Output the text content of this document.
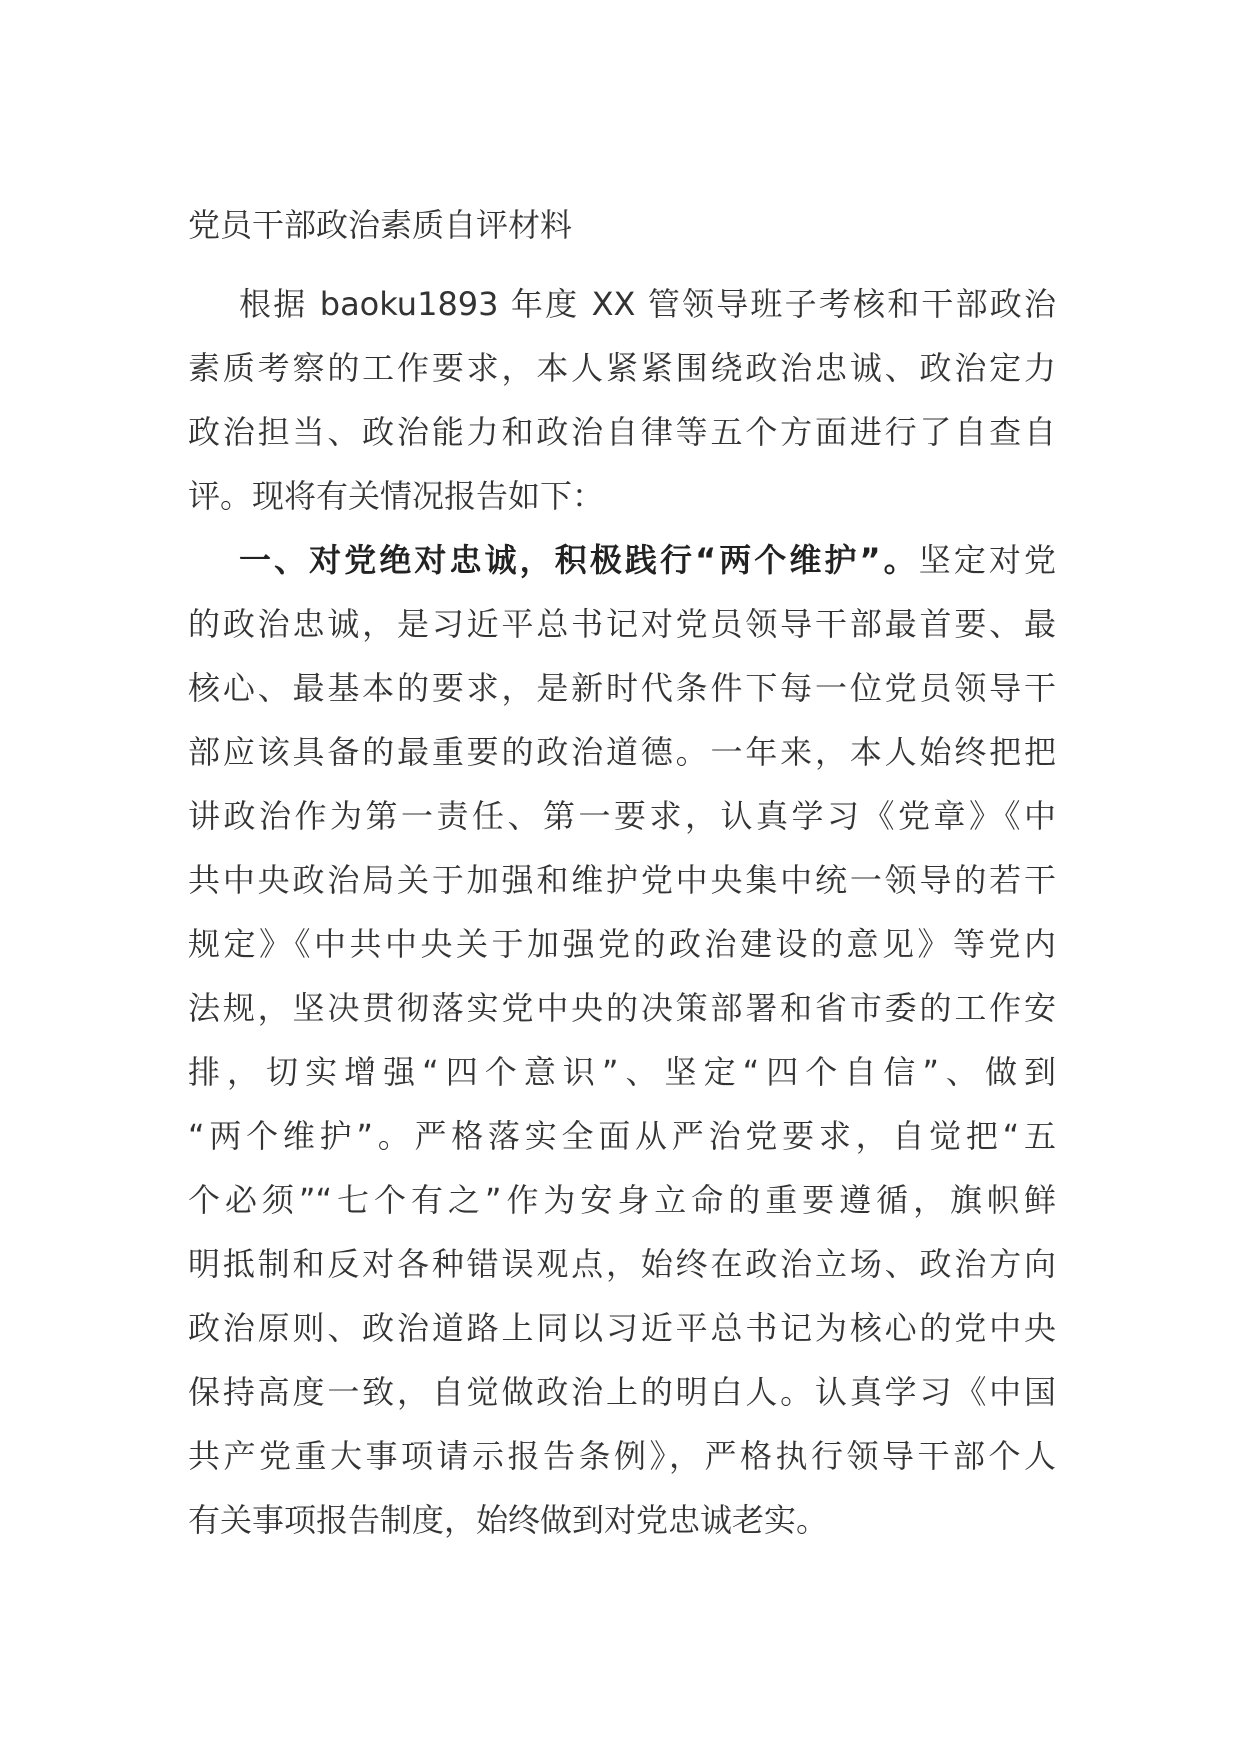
党员干部政治素质自评材料
根据 baoku1893 年度 XX 管领导班子考核和干部政治
素质考察的工作要求，本人紧紧围绕政治忠诚、政治定力
政治担当、政治能力和政治自律等五个方面进行了自查自
评。现将有关情况报告如下：
一、对党绝对忠诚，积极践行“两个维护”。坚定对党
的政治忠诚，是习近平总书记对党员领导干部最首要、最
核心、最基本的要求，是新时代条件下每一位党员领导干
部应该具备的最重要的政治道德。一年来，本人始终把把
讲政治作为第一责任、第一要求，认真学习《党章》《中
共中央政治局关于加强和维护党中央集中统一领导的若干
规定》《中共中央关于加强党的政治建设的意见》等党内
法规，坚决贯彻落实党中央的决策部署和省市委的工作安
排，切实增强“四个意识”、坚定“四个自信”、做到
“两个维护”。严格落实全面从严治党要求，自觉把“五
个必须”“七个有之”作为安身立命的重要遵循，旗帜鲜
明抵制和反对各种错误观点，始终在政治立场、政治方向
政治原则、政治道路上同以习近平总书记为核心的党中央
保持高度一致，自觉做政治上的明白人。认真学习《中国
共产党重大事项请示报告条例》，严格执行领导干部个人
有关事项报告制度，始终做到对党忠诚老实。
